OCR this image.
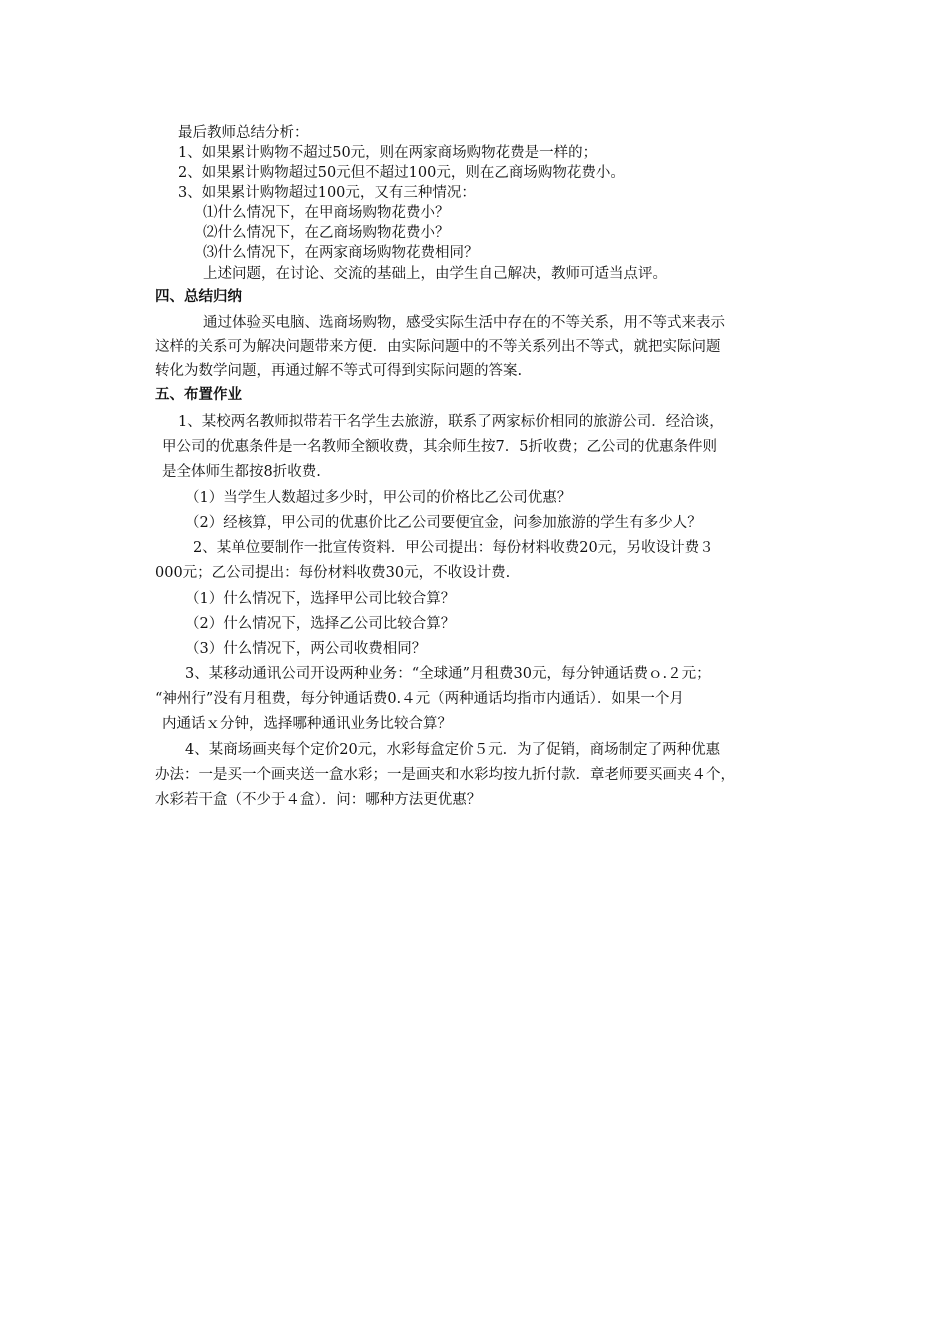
最后教师总结分析：
1、如果累计购物不超过50元，则在两家商场购物花费是一样的；
2、如果累计购物超过50元但不超过100元，则在乙商场购物花费小。
3、如果累计购物超过100元，又有三种情况：
⑴什么情况下，在甲商场购物花费小？
⑵什么情况下，在乙商场购物花费小？
⑶什么情况下，在两家商场购物花费相同？
上述问题，在讨论、交流的基础上，由学生自己解决，教师可适当点评。
四、总结归纳
通过体验买电脑、选商场购物，感受实际生活中存在的不等关系，用不等式来表示
这样的关系可为解决问题带来方便．由实际问题中的不等关系列出不等式，就把实际问题
转化为数学问题，再通过解不等式可得到实际问题的答案.
五、布置作业
1、某校两名教师拟带若干名学生去旅游，联系了两家标价相同的旅游公司．经洽谈，
甲公司的优惠条件是一名教师全额收费，其余师生按7．5折收费；乙公司的优惠条件则
是全体师生都按8折收费.
（1）当学生人数超过多少时，甲公司的价格比乙公司优惠？
（2）经核算，甲公司的优惠价比乙公司要便宜金，问参加旅游的学生有多少人？
2、某单位要制作一批宣传资料．甲公司提出：每份材料收费20元，另收设计费３
000元；乙公司提出：每份材料收费30元，不收设计费.
（1）什么情况下，选择甲公司比较合算？
（2）什么情况下，选择乙公司比较合算？
（3）什么情况下，两公司收费相同？
3、某移动通讯公司开设两种业务：“全球通”月租费30元，每分钟通话费ｏ.２元；
“神州行”没有月租费，每分钟通话费0.４元（两种通话均指市内通话）．如果一个月
内通话ｘ分钟，选择哪种通讯业务比较合算？
4、某商场画夹每个定价20元，水彩每盒定价５元．为了促销，商场制定了两种优惠
办法：一是买一个画夹送一盒水彩；一是画夹和水彩均按九折付款．章老师要买画夹４个，
水彩若干盒（不少于４盒）．问：哪种方法更优惠？
